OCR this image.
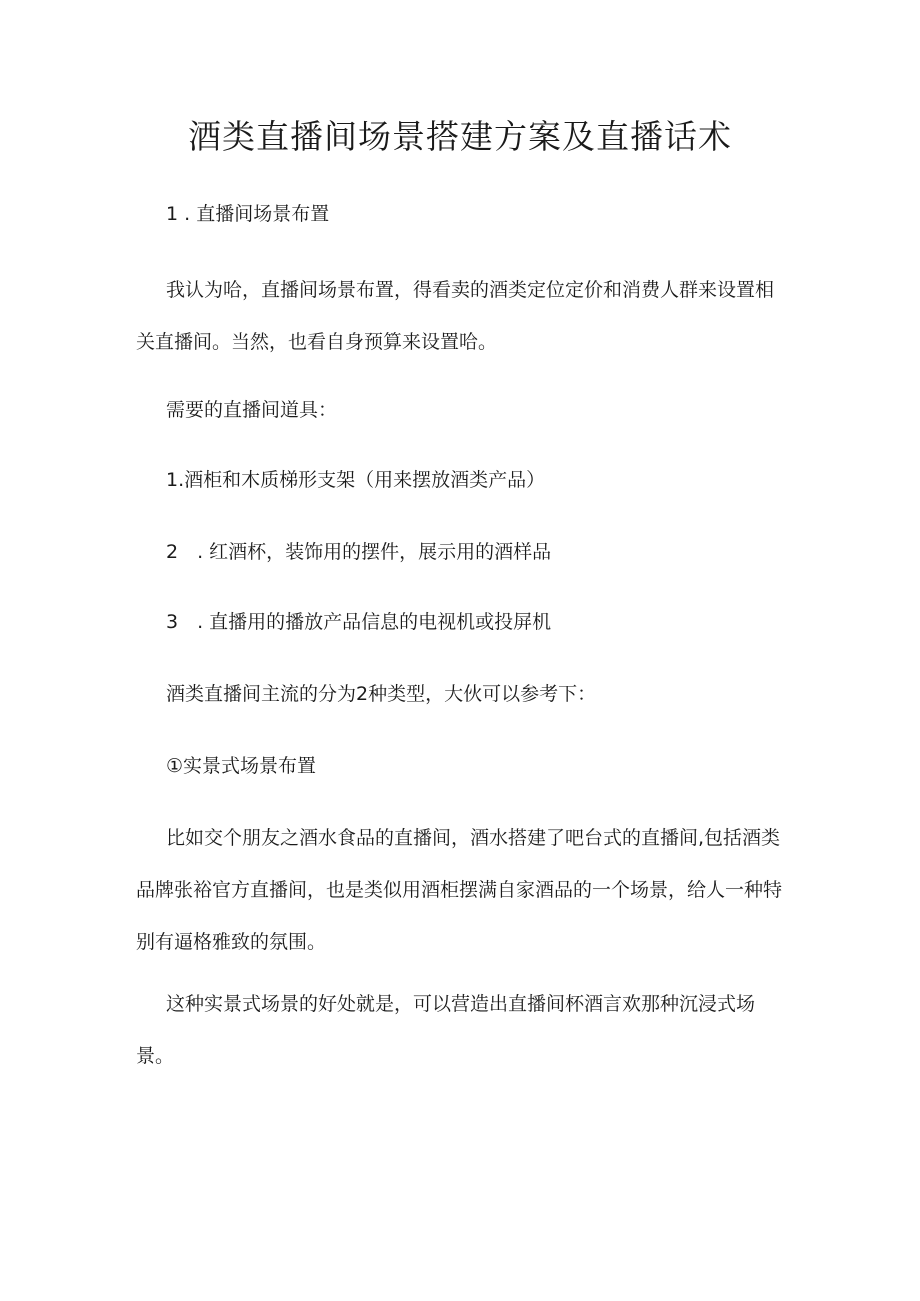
酒类直播间场景搭建方案及直播话术

1 . 直播间场景布置

我认为哈，直播间场景布置，得看卖的酒类定位定价和消费人群来设置相关直播间。当然，也看自身预算来设置哈。

需要的直播间道具：

1.酒柜和木质梯形支架（用来摆放酒类产品）

2　. 红酒杯，装饰用的摆件，展示用的酒样品

3　. 直播用的播放产品信息的电视机或投屏机

酒类直播间主流的分为2种类型，大伙可以参考下：

①实景式场景布置

比如交个朋友之酒水食品的直播间，酒水搭建了吧台式的直播间,包括酒类品牌张裕官方直播间，也是类似用酒柜摆满自家酒品的一个场景，给人一种特别有逼格雅致的氛围。

这种实景式场景的好处就是，可以营造出直播间杯酒言欢那种沉浸式场景。
